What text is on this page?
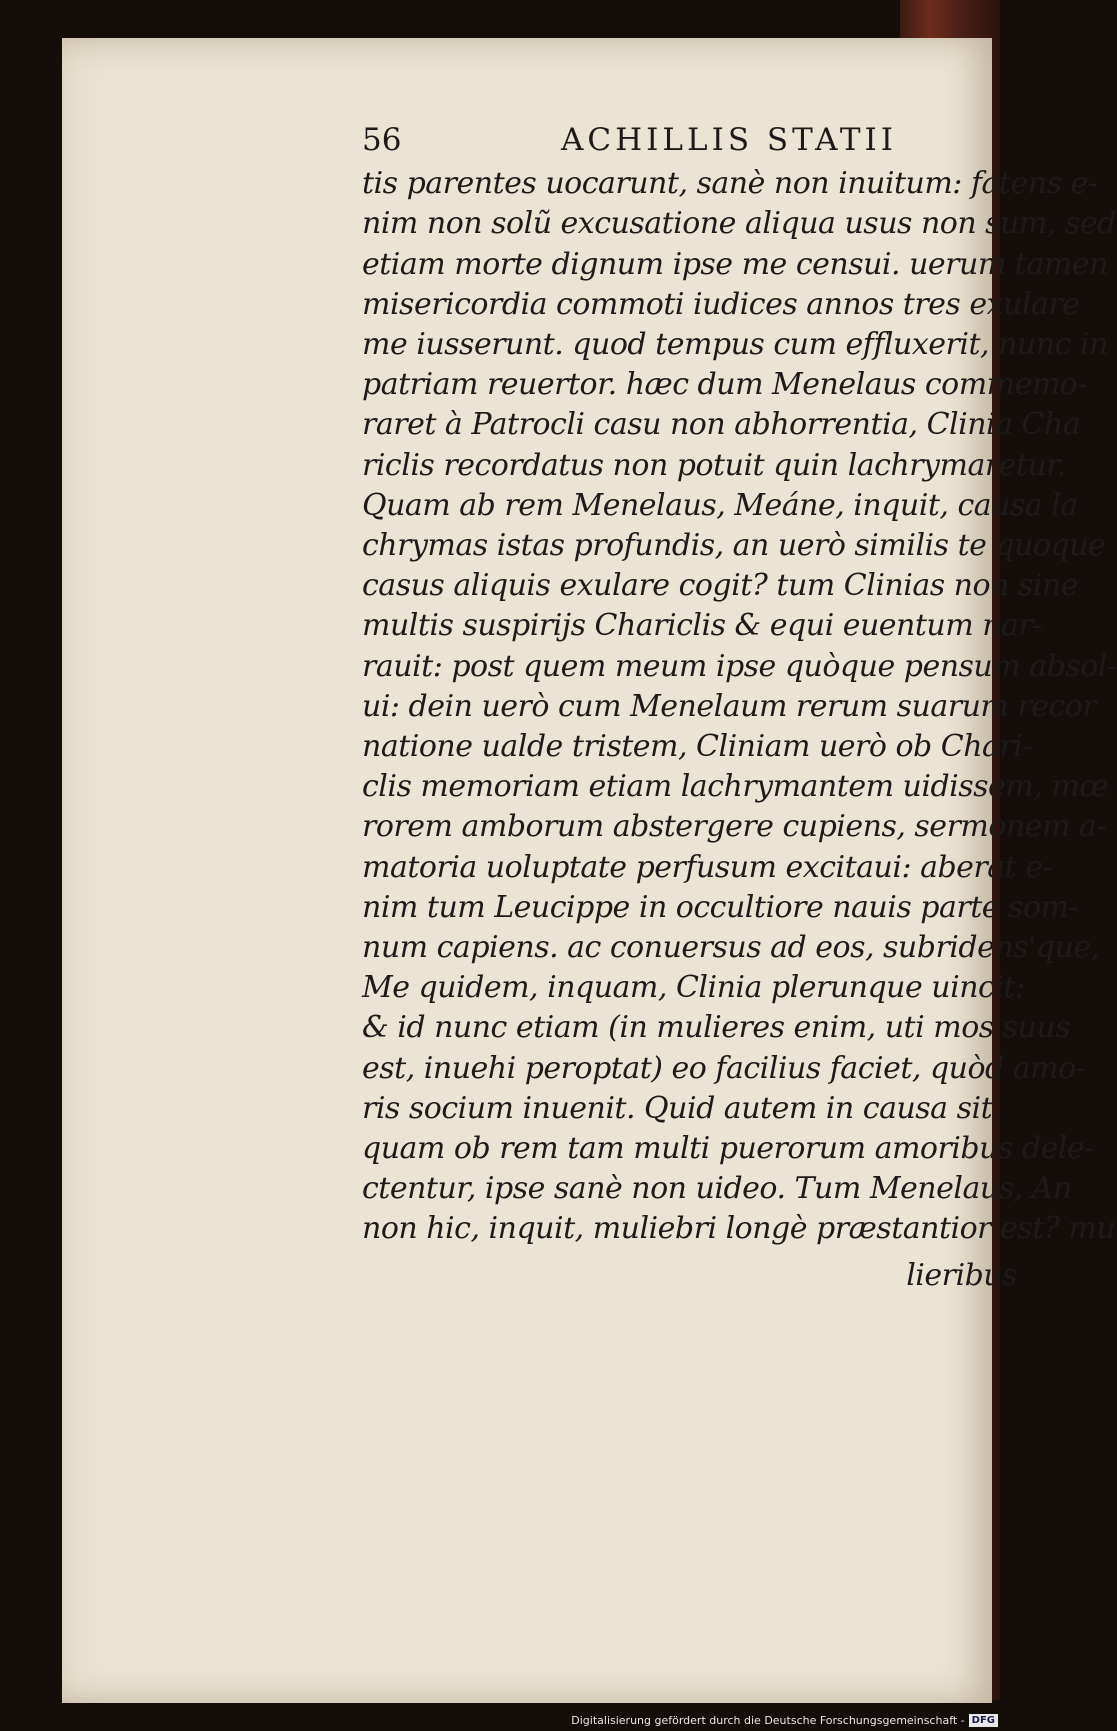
56	ACHILLIS STATII
tis parentes uocarunt, sanè non inuitum: fatens e-
nim non solũ excusatione aliqua usus non sum, sed
etiam morte dignum ipse me censui. uerum tamen
misericordia commoti iudices annos tres exulare
me iusserunt. quod tempus cum effluxerit, nunc in
patriam reuertor. hæc dum Menelaus commemo-
raret à Patrocli casu non abhorrentia, Clinia Cha
riclis recordatus non potuit quin lachrymaretur.
Quam ab rem Menelaus, Meáne, inquit, causa la
chrymas istas profundis, an uerò similis te quoque
casus aliquis exulare cogit? tum Clinias non sine
multis suspirijs Chariclis & equi euentum nar-
rauit: post quem meum ipse quòque pensum absol-
ui: dein uerò cum Menelaum rerum suarum recor
natione ualde tristem, Cliniam uerò ob Chari-
clis memoriam etiam lachrymantem uidissem, mœ
rorem amborum abstergere cupiens, sermonem a-
matoria uoluptate perfusum excitaui: aberat e-
nim tum Leucippe in occultiore nauis parte som-
num capiens. ac conuersus ad eos, subridens'que,
Me quidem, inquam, Clinia plerunque uincit:
& id nunc etiam (in mulieres enim, uti mos suus
est, inuehi peroptat) eo facilius faciet, quòd amo-
ris socium inuenit. Quid autem in causa sit,
quam ob rem tam multi puerorum amoribus dele-
ctentur, ipse sanè non uideo. Tum Menelaus, An
non hic, inquit, muliebri longè præstantior est? mu
lieribus
Digitalisierung gefördert durch die Deutsche Forschungsgemeinschaft - DFG
